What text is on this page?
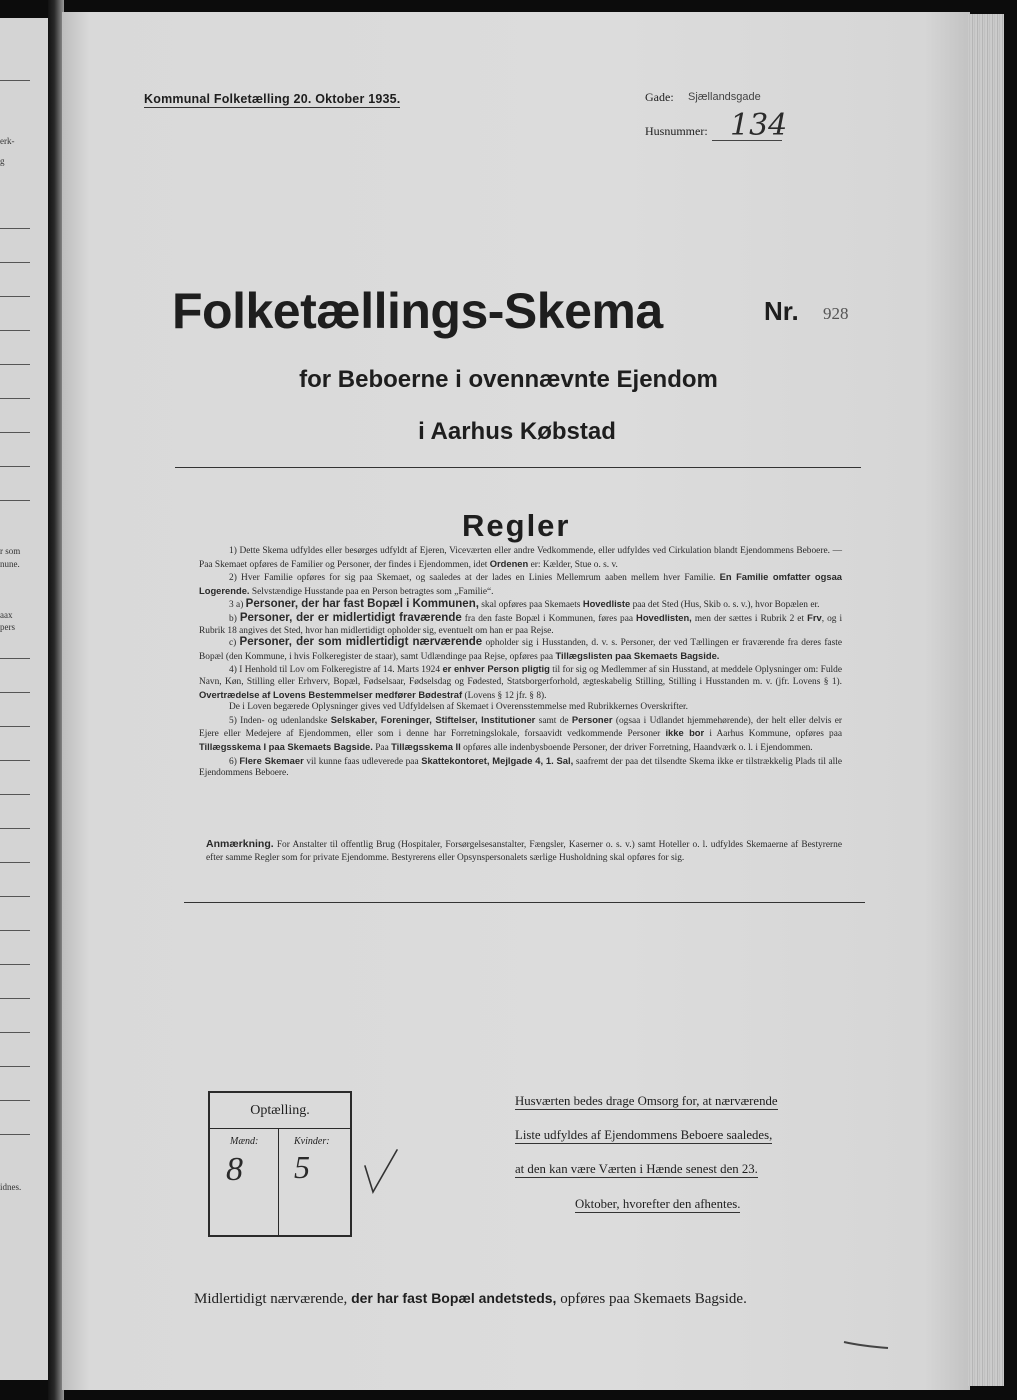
erk-
g
r som
nune.
aax
pers
idnes.
Kommunal Folketælling 20. Oktober 1935.	Gade: Sjællandsgade
Husnummer: 134
Folketællings-Skema	Nr. 928
for Beboerne i ovennævnte Ejendom
i Aarhus Købstad
Regler

1) Dette Skema udfyldes eller besørges udfyldt af Ejeren, Viceværten eller andre Vedkommende, eller udfyldes ved Cirkulation blandt Ejendommens Beboere. — Paa Skemaet opføres de Familier og Personer, der findes i Ejendommen, idet Ordenen er: Kælder, Stue o. s. v.

2) Hver Familie opføres for sig paa Skemaet, og saaledes at der lades en Linies Mellemrum aaben mellem hver Familie. En Familie omfatter ogsaa Logerende. Selvstændige Husstande paa en Person betragtes som „Familie“.

3 a) Personer, der har fast Bopæl i Kommunen, skal opføres paa Skemaets Hovedliste paa det Sted (Hus, Skib o. s. v.), hvor Bopælen er.

b) Personer, der er midlertidigt fraværende fra den faste Bopæl i Kommunen, føres paa Hovedlisten, men der sættes i Rubrik 2 et Frv, og i Rubrik 18 angives det Sted, hvor han midlertidigt opholder sig, eventuelt om han er paa Rejse.

c) Personer, der som midlertidigt nærværende opholder sig i Husstanden, d. v. s. Personer, der ved Tællingen er fraværende fra deres faste Bopæl (den Kommune, i hvis Folkeregister de staar), samt Udlændinge paa Rejse, opføres paa Tillægslisten paa Skemaets Bagside.

4) I Henhold til Lov om Folkeregistre af 14. Marts 1924 er enhver Person pligtig til for sig og Medlemmer af sin Husstand, at meddele Oplysninger om: Fulde Navn, Køn, Stilling eller Erhverv, Bopæl, Fødselsaar, Fødselsdag og Fødested, Statsborgerforhold, ægteskabelig Stilling, Stilling i Husstanden m. v. (jfr. Lovens § 1). Overtrædelse af Lovens Bestemmelser medfører Bødestraf (Lovens § 12 jfr. § 8).

De i Loven begærede Oplysninger gives ved Udfyldelsen af Skemaet i Overensstemmelse med Rubrikkernes Overskrifter.

5) Inden- og udenlandske Selskaber, Foreninger, Stiftelser, Institutioner samt de Personer (ogsaa i Udlandet hjemmehørende), der helt eller delvis er Ejere eller Medejere af Ejendommen, eller som i denne har Forretningslokale, forsaavidt vedkommende Personer ikke bor i Aarhus Kommune, opføres paa Tillægsskema I paa Skemaets Bagside. Paa Tillægsskema II opføres alle indenbysboende Personer, der driver Forretning, Haandværk o. l. i Ejendommen.

6) Flere Skemaer vil kunne faas udleverede paa Skattekontoret, Mejlgade 4, 1. Sal, saafremt der paa det tilsendte Skema ikke er tilstrækkelig Plads til alle Ejendommens Beboere.

Anmærkning. For Anstalter til offentlig Brug (Hospitaler, Forsørgelsesanstalter, Fængsler, Kaserner o. s. v.) samt Hoteller o. l. udfyldes Skemaerne af Bestyrerne efter samme Regler som for private Ejendomme. Bestyrerens eller Opsynspersonalets særlige Husholdning skal opføres for sig.
Optælling.
Mænd:	Kvinder:
8 5
Husværten bedes drage Omsorg for, at nærværende
Liste udfyldes af Ejendommens Beboere saaledes,
at den kan være Værten i Hænde senest den 23.
Oktober, hvorefter den afhentes.
Midlertidigt nærværende, der har fast Bopæl andetsteds, opføres paa Skemaets Bagside.
